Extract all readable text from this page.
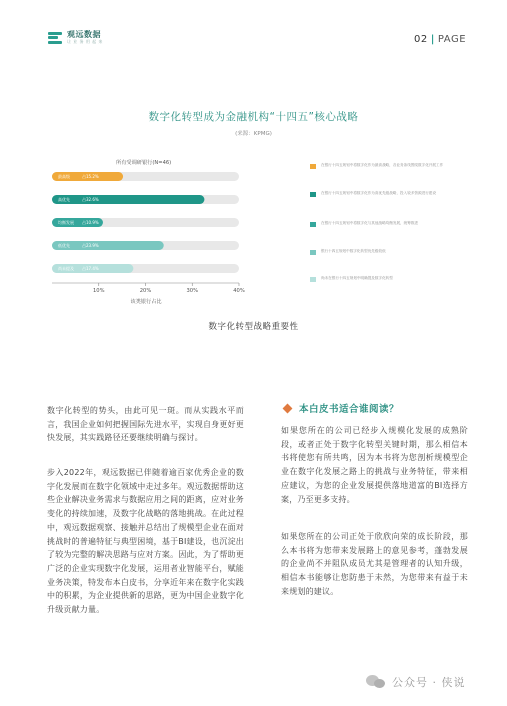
观远数据
让 业 务 用 起 来	02 | PAGE
数字化转型成为金融机构“十四五”核心战略
(来源：KPMG)
所有受调研银行(N=46)
最高级	占15.2%
高优先	占32.6%
均衡发展 占10.9%
低优先	占23.9%
尚未提及 占17.4%
10%	20%	30%	40%
该类银行占比
在银行十四五规划中将数字化作为最高战略，各业务条线围绕数字化开展工作
在银行十四五规划中将数字化作为高优先级战略，投入较多资源进行建设
在银行十四五规划中将数字化与其他战略均衡发展，统筹推进
银行十四五规划中数字化转型优先级较低
尚未在银行十四五规划中明确提及数字化转型
数字化转型战略重要性

数字化转型的势头，由此可见一斑。而从实践水平而言，我国企业如何把握国际先进水平，实现自身更好更快发展，其实践路径还要继续明确与探讨。

步入2022年，观远数据已伴随着逾百家优秀企业的数字化发展而在数字化领域中走过多年。观远数据帮助这些企业解决业务需求与数据应用之间的距离，应对业务变化的持续加速，及数字化战略的落地挑战。在此过程中，观远数据观察、接触并总结出了规模型企业在面对挑战时的普遍特征与典型困境，基于BI建设，也沉淀出了较为完整的解决思路与应对方案。因此，为了帮助更广泛的企业实现数字化发展，运用者业智能平台，赋能业务决策，特发布本白皮书，分享近年来在数字化实践中的积累，为企业提供新的思路，更为中国企业数字化升级贡献力量。

本白皮书适合谁阅读？

如果您所在的公司已经步入规模化发展的成熟阶段，或者正处于数字化转型关键时期，那么相信本书将使您有所共鸣，因为本书将为您剖析规模型企业在数字化发展之路上的挑战与业务特征，带来相应建议，为您的企业发展提供落地道富的BI选择方案，乃至更多支持。

如果您所在的公司正处于欣欣向荣的成长阶段，那么本书将为您带来发展路上的意见参考，蓬勃发展的企业尚不并阻队成员尤其是管理者的认知升级，相信本书能够让您防患于未然，为您带来有益于未来规划的建议。

公众号 · 侠说
